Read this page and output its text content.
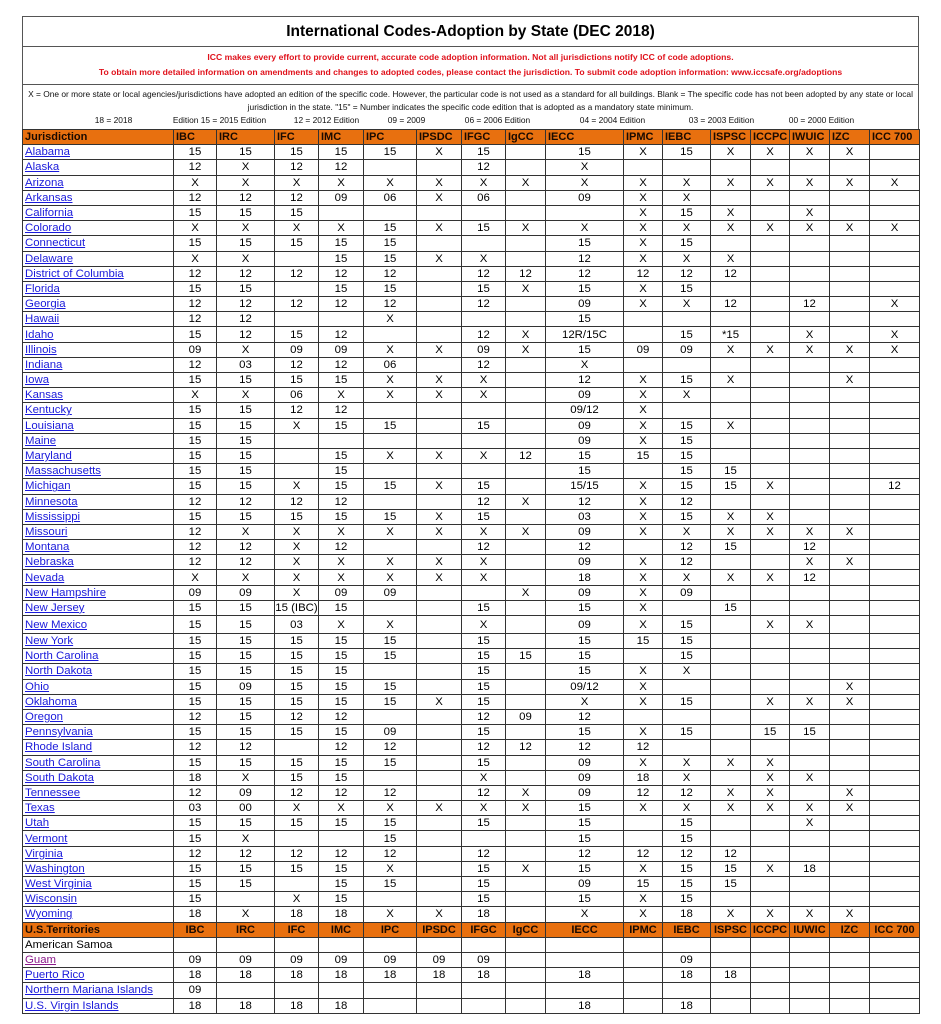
International Codes-Adoption by State (DEC 2018)
ICC makes every effort to provide current, accurate code adoption information. Not all jurisdictions notify ICC of code adoptions.
To obtain more detailed information on amendments and changes to adopted codes, please contact the jurisdiction. To submit code adoption information: www.iccsafe.org/adoptions
X = One or more state or local agencies/jurisdictions have adopted an edition of the specific code. However, the particular code is not used as a standard for all buildings. Blank = The specific code has not been adopted by any state or local jurisdiction in the state. "15" = Number indicates the specific code edition that is adopted as a mandatory state minimum.
18 = 2018	Edition 15 = 2015 Edition	12 = 2012 Edition	09 = 2009	06 = 2006 Edition	04 = 2004 Edition	03 = 2003 Edition	00 = 2000 Edition
Jurisdiction	IBC	IRC	IFC	IMC	IPC	IPSDC	IFGC	IgCC	IECC	IPMC	IEBC	ISPSC	ICCPC	IWUIC	IZC	ICC 700
Alabama	15	15	15	15	15	X	15		15	X	15	X	X	X	X	
Alaska	12	X	12	12			12		X							
Arizona	X	X	X	X	X	X	X	X	X	X	X	X	X	X	X	X
Arkansas	12	12	12	09	06	X	06		09	X	X					
California	15	15	15							X	15	X		X		
Colorado	X	X	X	X	15	X	15	X	X	X	X	X	X	X	X	X
Connecticut	15	15	15	15	15				15	X	15					
Delaware	X	X		15	15	X	X		12	X	X	X				
District of Columbia	12	12	12	12	12		12	12	12	12	12	12				
Florida	15	15		15	15		15	X	15	X	15					
Georgia	12	12	12	12	12		12		09	X	X	12		12		X
Hawaii	12	12			X				15							
Idaho	15	12	15	12			12	X	12R/15C		15	*15		X		X
Illinois	09	X	09	09	X	X	09	X	15	09	09	X	X	X	X	X
Indiana	12	03	12	12	06		12		X							
Iowa	15	15	15	15	X	X	X		12	X	15	X			X	
Kansas	X	X	06	X	X	X	X		09	X	X					
Kentucky	15	15	12	12					09/12	X						
Louisiana	15	15	X	15	15		15		09	X	15	X				
Maine	15	15							09	X	15					
Maryland	15	15		15	X	X	X	12	15	15	15					
Massachusetts	15	15		15					15		15	15				
Michigan	15	15	X	15	15	X	15		15/15	X	15	15	X			12
Minnesota	12	12	12	12			12	X	12	X	12					
Mississippi	15	15	15	15	15	X	15		03	X	15	X	X			
Missouri	12	X	X	X	X	X	X	X	09	X	X	X	X	X	X	
Montana	12	12	X	12			12		12		12	15		12		
Nebraska	12	12	X	X	X	X	X		09	X	12			X	X	
Nevada	X	X	X	X	X	X	X		18	X	X	X	X	12		
New Hampshire	09	09	X	09	09			X	09	X	09					
New Jersey	15	15	15 (IBC)	15			15		15	X		15				
New Mexico	15	15	03	X	X		X		09	X	15		X	X		
New York	15	15	15	15	15		15		15	15	15					
North Carolina	15	15	15	15	15		15	15	15		15					
North Dakota	15	15	15	15			15		15	X	X					
Ohio	15	09	15	15	15		15		09/12	X					X	
Oklahoma	15	15	15	15	15	X	15		X	X	15		X	X	X	
Oregon	12	15	12	12			12	09	12							
Pennsylvania	15	15	15	15	09		15		15	X	15		15	15		
Rhode Island	12	12		12	12		12	12	12	12						
South Carolina	15	15	15	15	15		15		09	X	X	X	X			
South Dakota	18	X	15	15			X		09	18	X		X	X		
Tennessee	12	09	12	12	12		12	X	09	12	12	X	X		X	
Texas	03	00	X	X	X	X	X	X	15	X	X	X	X	X	X	
Utah	15	15	15	15	15		15		15		15			X		
Vermont	15	X			15				15		15					
Virginia	12	12	12	12	12		12		12	12	12	12				
Washington	15	15	15	15	X		15	X	15	X	15	15	X	18		
West Virginia	15	15		15	15		15		09	15	15	15				
Wisconsin	15		X	15			15		15	X	15					
Wyoming	18	X	18	18	X	X	18		X	X	18	X	X	X	X	
U.S.Territories	IBC	IRC	IFC	IMC	IPC	IPSDC	IFGC	IgCC	IECC	IPMC	IEBC	ISPSC	ICCPC	IUWIC	IZC	ICC 700
American Samoa																
Guam	09	09	09	09	09	09	09				09					
Puerto Rico	18	18	18	18	18	18	18		18		18	18				
Northern Mariana Islands	09															
U.S. Virgin Islands	18	18	18	18					18		18					
